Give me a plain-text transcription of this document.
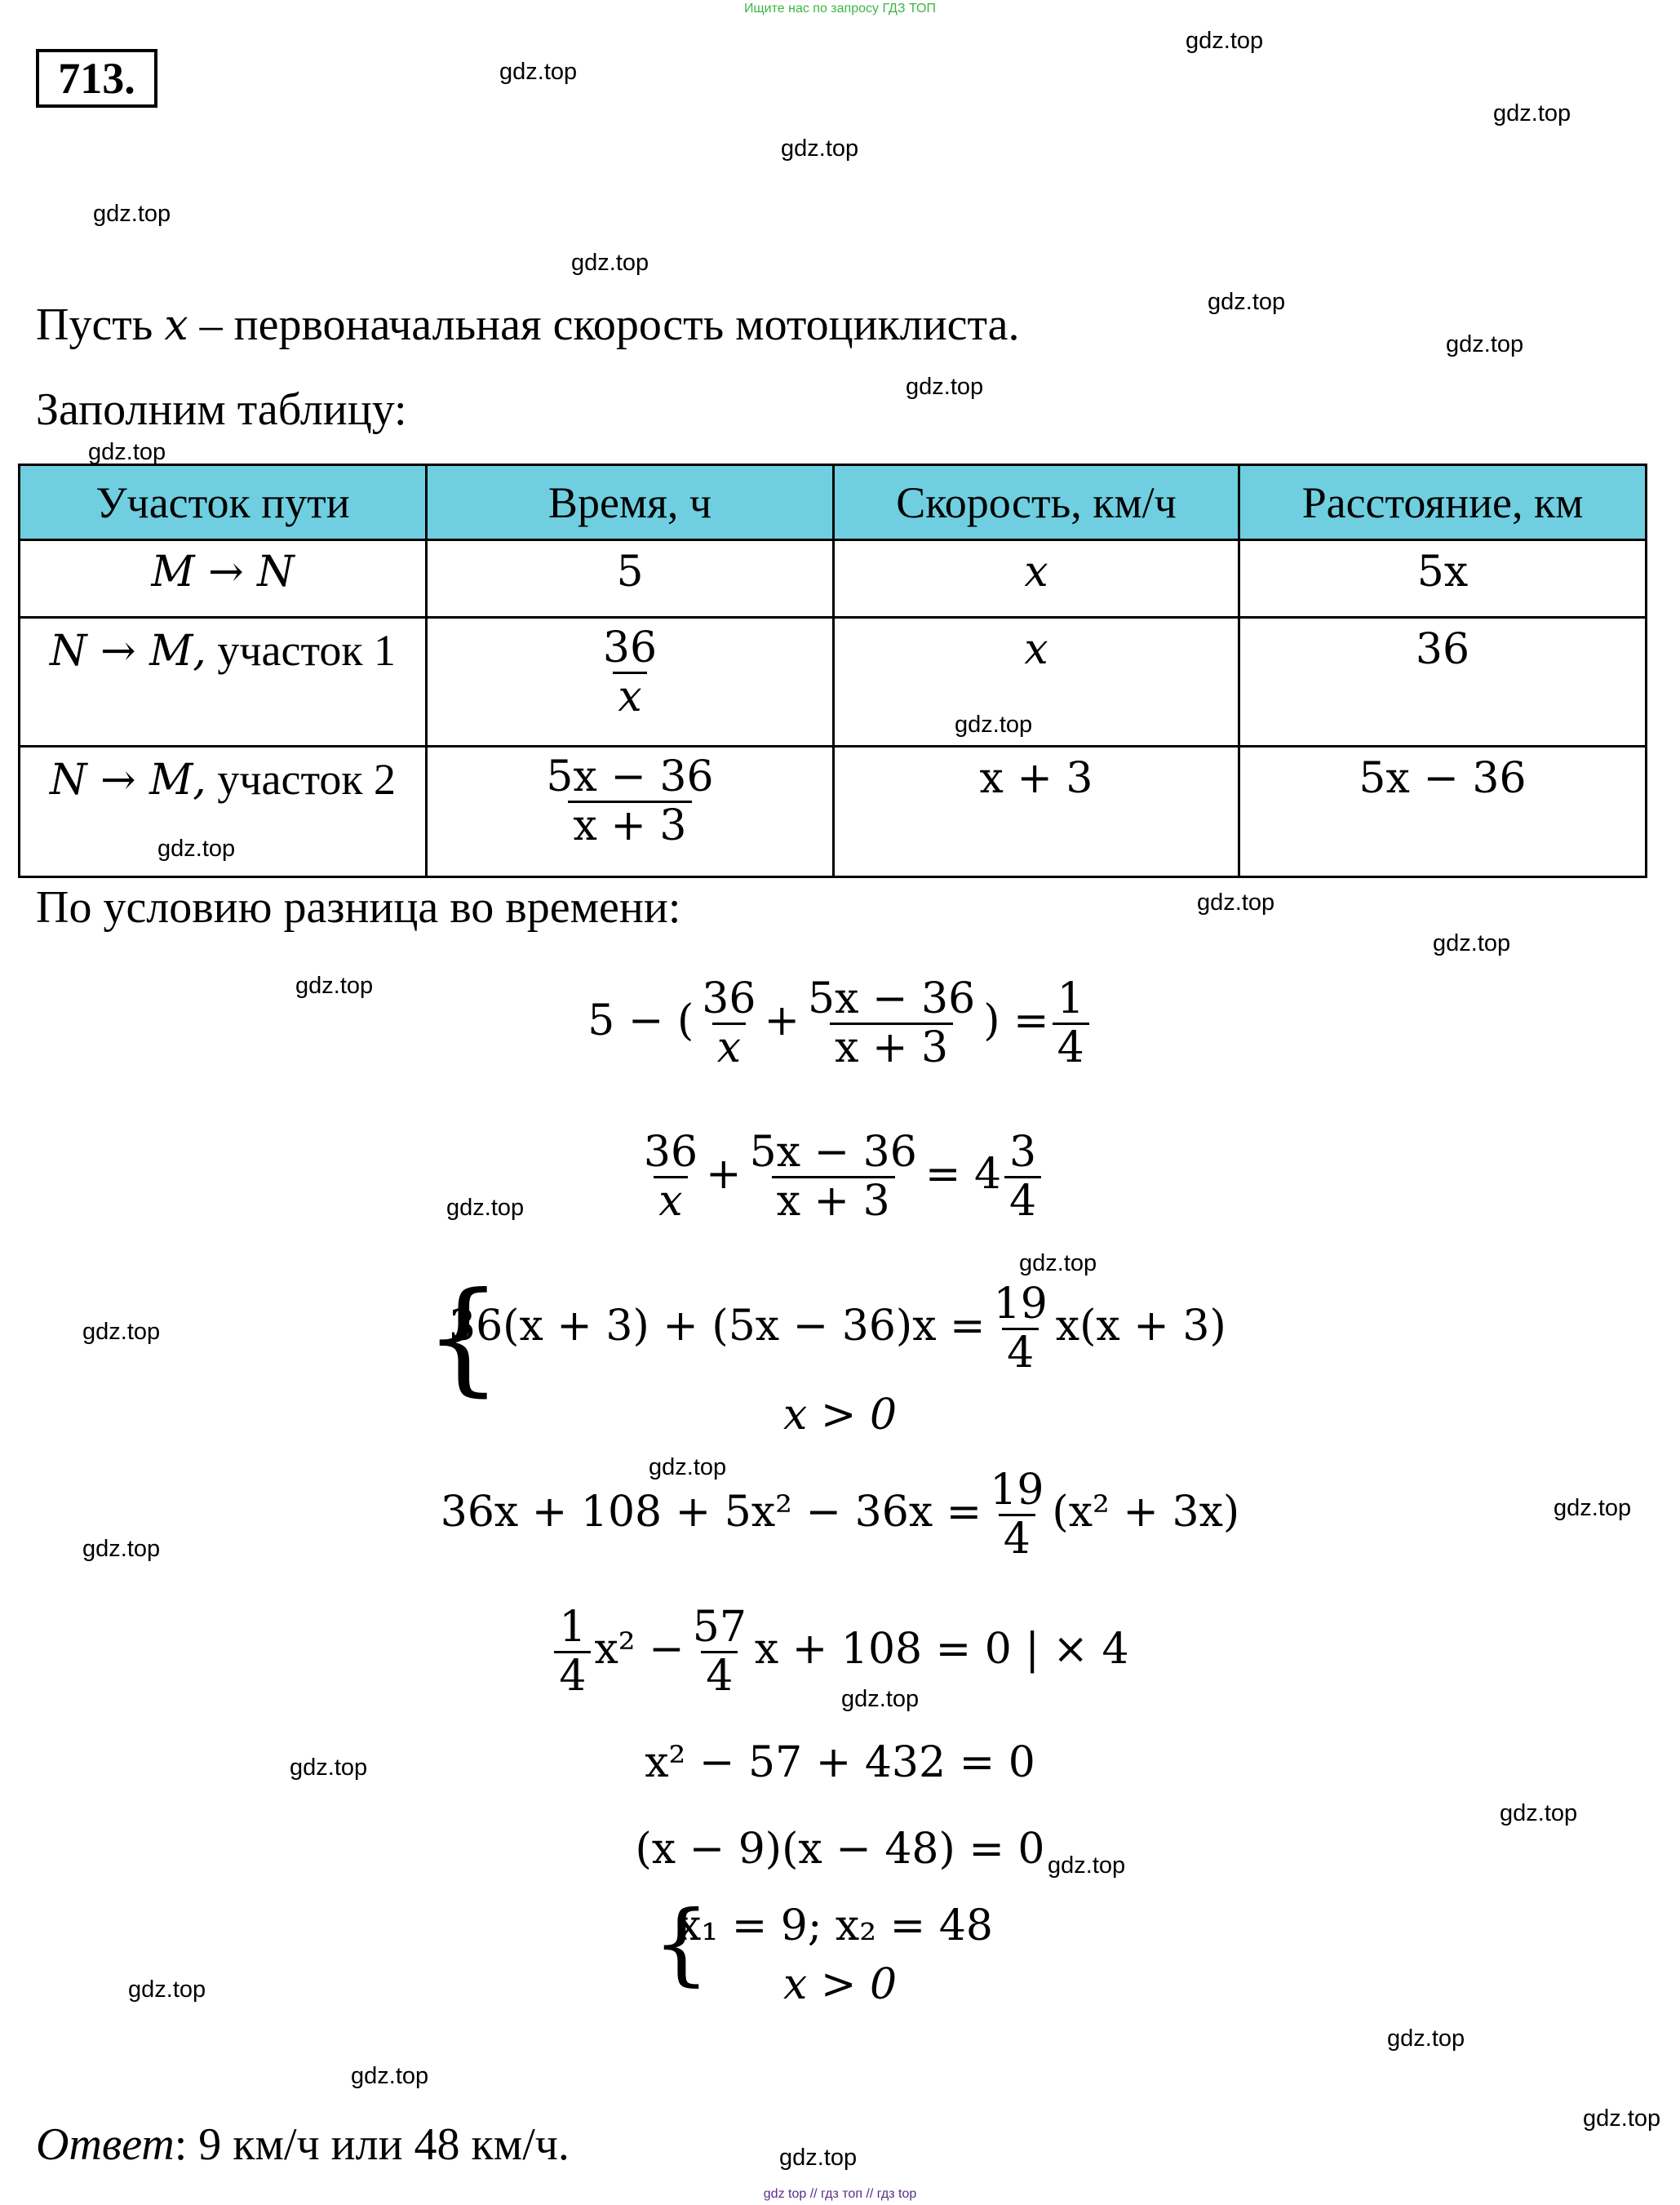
Ищите нас по запросу ГДЗ ТОП
713.	gdz.top
gdz.top
gdz.top
gdz.top
gdz.top
gdz.top
gdz.top
gdz.top
gdz.top
gdz.top
gdz.top
gdz.top
gdz.top
gdz.top
gdz.top
gdz.top
gdz.top
gdz.top
gdz.top
gdz.top
gdz.top
gdz.top
gdz.top
gdz.top
gdz.top
gdz.top
gdz.top
gdz.top
gdz.top
gdz.top
Пусть x – первоначальная скорость мотоциклиста.
Заполним таблицу:
Участок пути	Время, ч	Скорость, км/ч	Расстояние, км

M → N	5	x	5x

N → M, участок 1	$\frac{36}{x}$	x	36

N → M, участок 2	$\frac{5x - 36}{x + 3}$	x + 3	5x − 36
По условию разница во времени:
5 − ( $\frac{36}{x} + \frac{5x - 36}{x + 3}$ ) = $\frac{1}{4}$
$\frac{36}{x} + \frac{5x - 36}{x + 3} = 4 \frac{3}{4}$
{
$36(x + 3) + (5x - 36)x = \frac{19}{4} x(x + 3)$
x > 0
$36x + 108 + 5x^2 - 36x = \frac{19}{4} (x^2 + 3x)$
$\frac{1}{4} x^2 - \frac{57}{4}$ x + 108 = 0 | × 4
x² − 57 + 432 = 0
(x − 9)(x − 48) = 0
{
x₁ = 9; x₂ = 48
x > 0
Ответ: 9 км/ч или 48 км/ч.
gdz top // гдз топ // гдз top
